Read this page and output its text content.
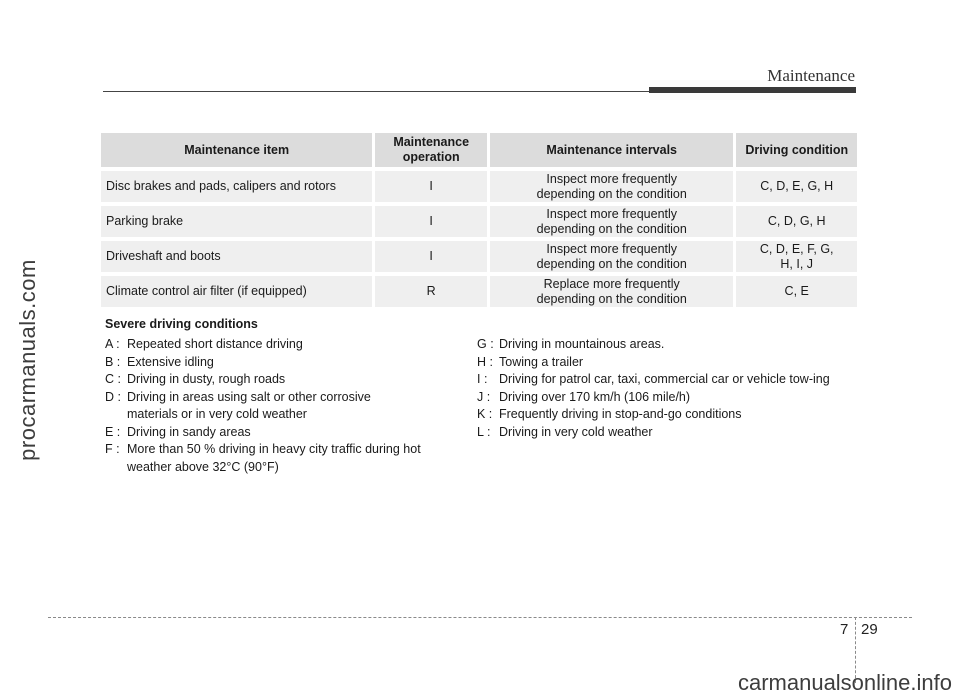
procarmanuals.com
Maintenance
Maintenance item	Maintenance operation	Maintenance intervals	Driving condition
Disc brakes and pads, calipers and rotors	I	Inspect more frequently depending on the condition	C, D, E, G, H
Parking brake	I	Inspect more frequently depending on the condition	C, D, G, H
Driveshaft and boots	I	Inspect more frequently depending on the condition	C, D, E, F, G, H, I, J
Climate control air filter (if equipped)	R	Replace more frequently depending on the condition	C, E
Severe driving conditions
A : Repeated short distance driving
B : Extensive idling
C : Driving in dusty, rough roads
D : Driving in areas using salt or other corrosive materials or in very cold weather
E : Driving in sandy areas
F : More than 50 % driving in heavy city traffic during hot weather above 32°C (90°F)
G : Driving in mountainous areas.
H : Towing a trailer
I : Driving for patrol car, taxi, commercial car or vehicle tow-ing
J : Driving over 170 km/h (106 mile/h)
K : Frequently driving in stop-and-go conditions
L : Driving in very cold weather
7 29
carmanualsonline.info
